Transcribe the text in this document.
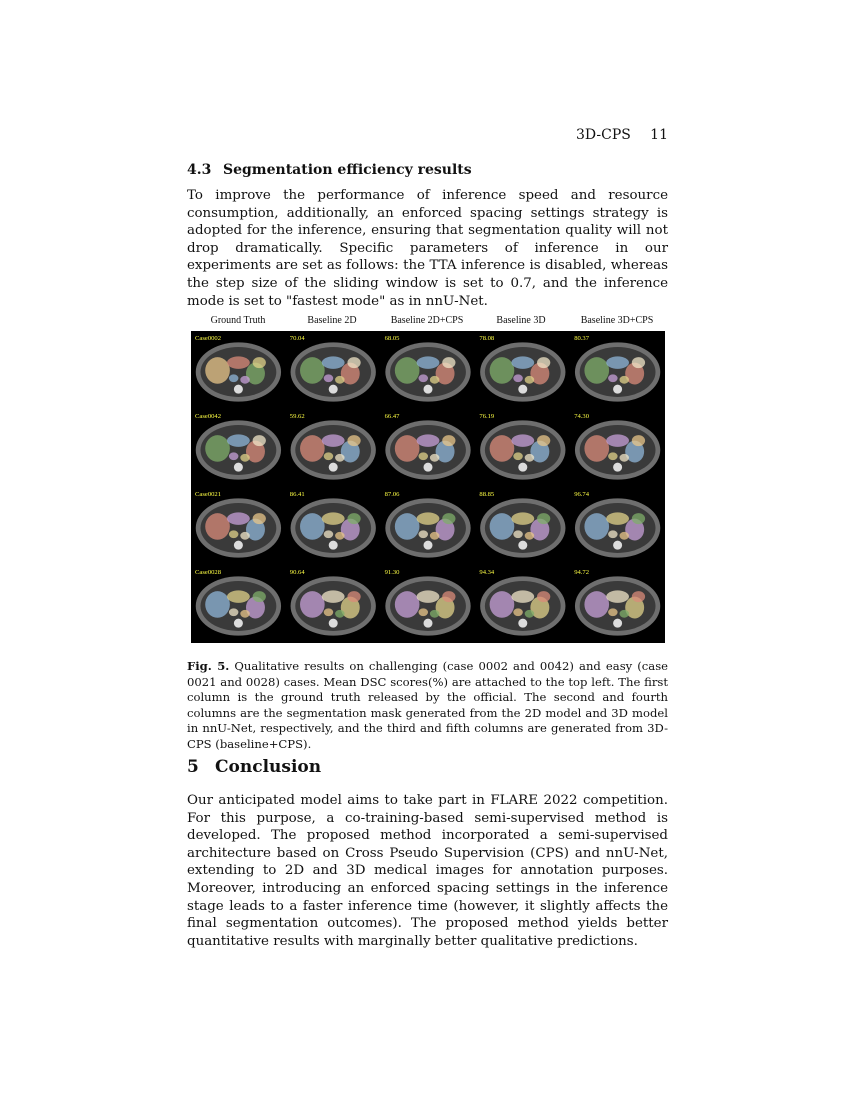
3D-CPS 11
4.3 Segmentation efficiency results

To improve the performance of inference speed and resource consumption, additionally, an enforced spacing settings strategy is adopted for the inference, ensuring that segmentation quality will not drop dramatically. Specific parameters of inference in our experiments are set as follows: the TTA inference is disabled, whereas the step size of the sliding window is set to 0.7, and the inference mode is set to "fastest mode" as in nnU-Net.

Ground Truth	Baseline 2D	Baseline 2D+CPS	Baseline 3D	Baseline 3D+CPS
Case0002	70.04	68.05	78.08	80.37
Case0042	59.62	66.47	76.19	74.30
Case0021	86.41	87.06	88.85	96.74
Case0028	90.64	91.30	94.34	94.72

Fig. 5. Qualitative results on challenging (case 0002 and 0042) and easy (case 0021 and 0028) cases. Mean DSC scores(%) are attached to the top left. The first column is the ground truth released by the official. The second and fourth columns are the segmentation mask generated from the 2D model and 3D model in nnU-Net, respectively, and the third and fifth columns are generated from 3D-CPS (baseline+CPS).

5 Conclusion

Our anticipated model aims to take part in FLARE 2022 competition. For this purpose, a co-training-based semi-supervised method is developed. The proposed method incorporated a semi-supervised architecture based on Cross Pseudo Supervision (CPS) and nnU-Net, extending to 2D and 3D medical images for annotation purposes. Moreover, introducing an enforced spacing settings in the inference stage leads to a faster inference time (however, it slightly affects the final segmentation outcomes). The proposed method yields better quantitative results with marginally better qualitative predictions.
